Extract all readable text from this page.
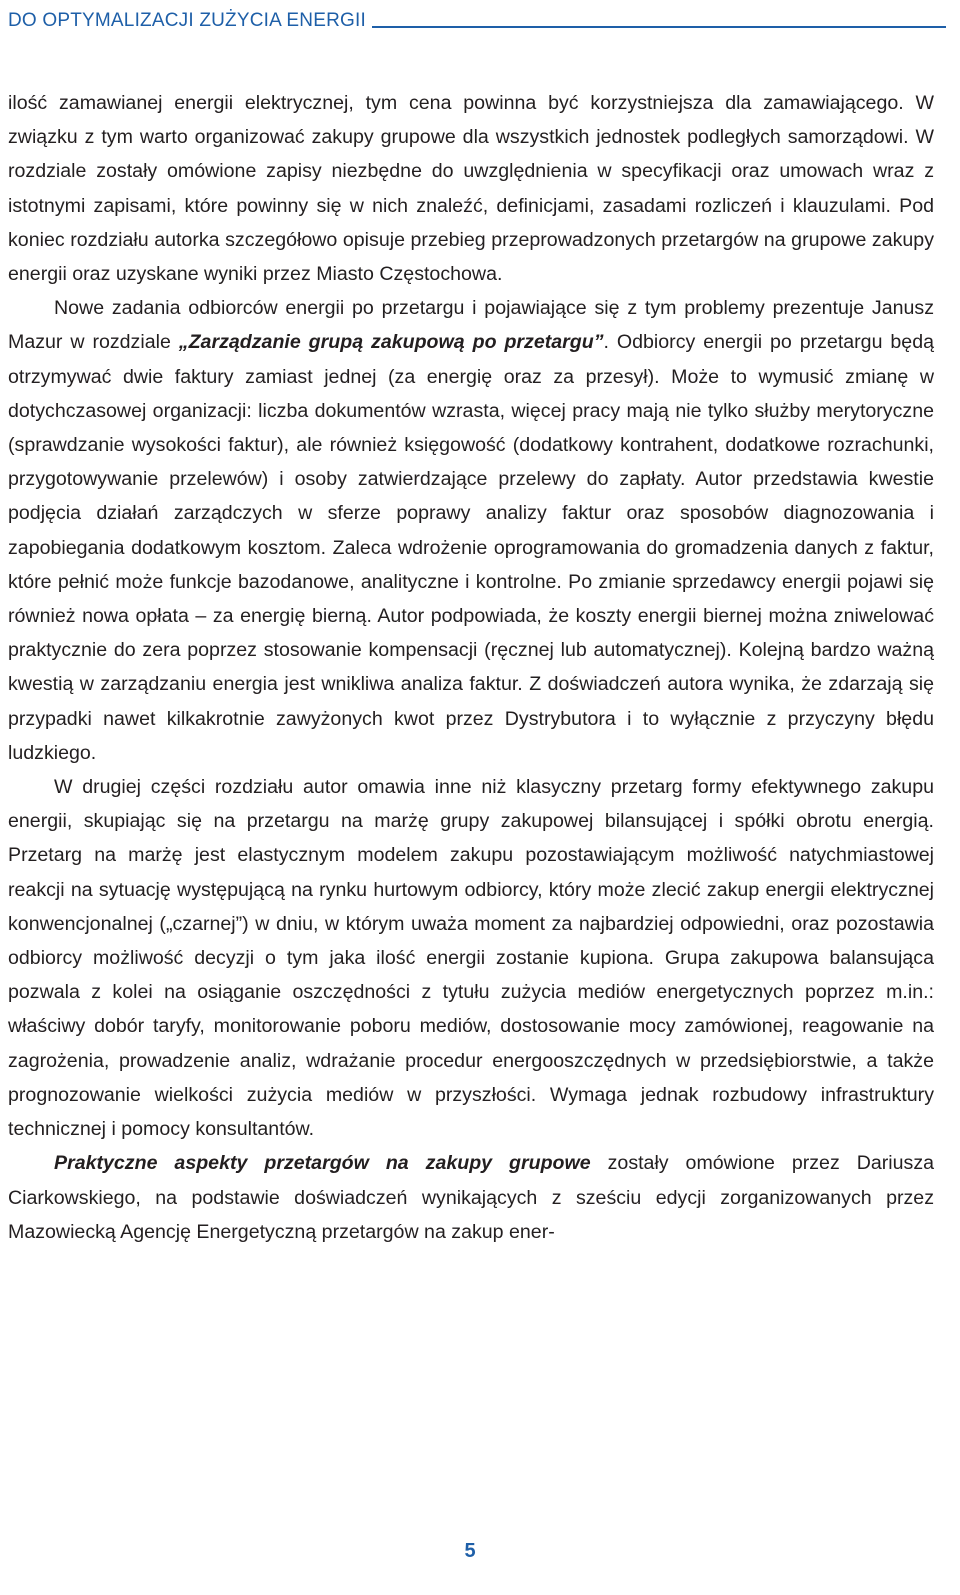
DO OPTYMALIZACJI ZUŻYCIA ENERGII

ilość zamawianej energii elektrycznej, tym cena powinna być korzystniejsza dla zamawiającego. W związku z tym warto organizować zakupy grupowe dla wszystkich jednostek podległych samorządowi. W rozdziale zostały omówione zapisy niezbędne do uwzględnienia w specyfikacji oraz umowach wraz z istotnymi zapisami, które powinny się w nich znaleźć, definicjami, zasadami rozliczeń i klauzulami. Pod koniec rozdziału autorka szczegółowo opisuje przebieg przeprowadzonych przetargów na grupowe zakupy energii oraz uzyskane wyniki przez Miasto Częstochowa.

Nowe zadania odbiorców energii po przetargu i pojawiające się z tym problemy prezentuje Janusz Mazur w rozdziale „Zarządzanie grupą zakupową po przetargu”. Odbiorcy energii po przetargu będą otrzymywać dwie faktury zamiast jednej (za energię oraz za przesył). Może to wymusić zmianę w dotychczasowej organizacji: liczba dokumentów wzrasta, więcej pracy mają nie tylko służby merytoryczne (sprawdzanie wysokości faktur), ale również księgowość (dodatkowy kontrahent, dodatkowe rozrachunki, przygotowywanie przelewów) i osoby zatwierdzające przelewy do zapłaty. Autor przedstawia kwestie podjęcia działań zarządczych w sferze poprawy analizy faktur oraz sposobów diagnozowania i zapobiegania dodatkowym kosztom. Zaleca wdrożenie oprogramowania do gromadzenia danych z faktur, które pełnić może funkcje bazodanowe, analityczne i kontrolne. Po zmianie sprzedawcy energii pojawi się również nowa opłata – za energię bierną. Autor podpowiada, że koszty energii biernej można zniwelować praktycznie do zera poprzez stosowanie kompensacji (ręcznej lub automatycznej). Kolejną bardzo ważną kwestią w zarządzaniu energia jest wnikliwa analiza faktur. Z doświadczeń autora wynika, że zdarzają się przypadki nawet kilkakrotnie zawyżonych kwot przez Dystrybutora i to wyłącznie z przyczyny błędu ludzkiego.

W drugiej części rozdziału autor omawia inne niż klasyczny przetarg formy efektywnego zakupu energii, skupiając się na przetargu na marżę grupy zakupowej bilansującej i spółki obrotu energią. Przetarg na marżę jest elastycznym modelem zakupu pozostawiającym możliwość natychmiastowej reakcji na sytuację występującą na rynku hurtowym odbiorcy, który może zlecić zakup energii elektrycznej konwencjonalnej („czarnej”) w dniu, w którym uważa moment za najbardziej odpowiedni, oraz pozostawia odbiorcy możliwość decyzji o tym jaka ilość energii zostanie kupiona. Grupa zakupowa balansująca pozwala z kolei na osiąganie oszczędności z tytułu zużycia mediów energetycznych poprzez m.in.: właściwy dobór taryfy, monitorowanie poboru mediów, dostosowanie mocy zamówionej, reagowanie na zagrożenia, prowadzenie analiz, wdrażanie procedur energooszczędnych w przedsiębiorstwie, a także prognozowanie wielkości zużycia mediów w przyszłości. Wymaga jednak rozbudowy infrastruktury technicznej i pomocy konsultantów.

Praktyczne aspekty przetargów na zakupy grupowe zostały omówione przez Dariusza Ciarkowskiego, na podstawie doświadczeń wynikających z sześciu edycji zorganizowanych przez Mazowiecką Agencję Energetyczną przetargów na zakup ener-

5
